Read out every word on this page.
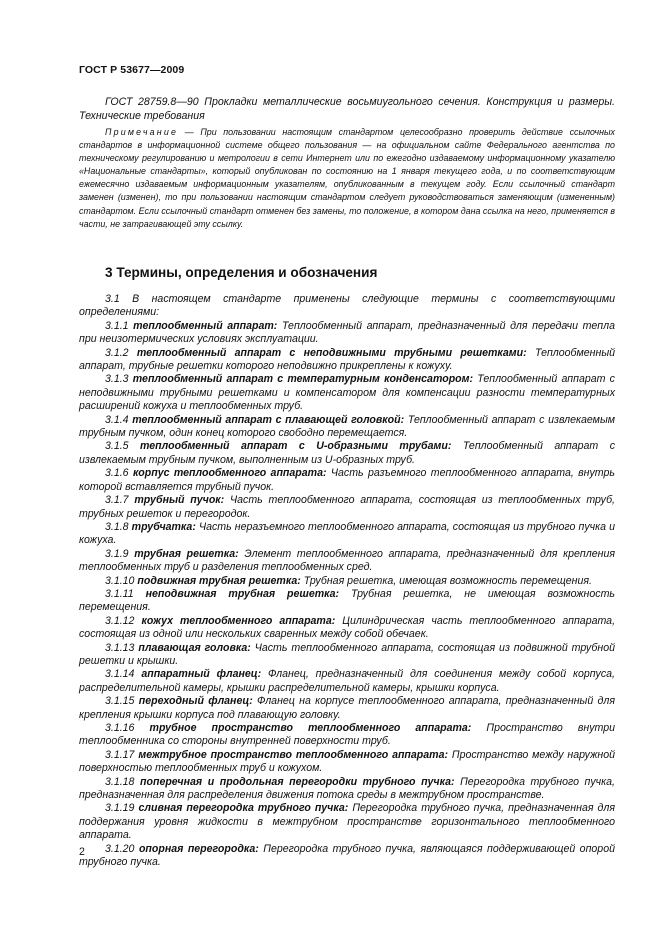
ГОСТ Р 53677—2009

ГОСТ 28759.8—90 Прокладки металлические восьмиугольного сечения. Конструкция и размеры. Технические требования

Примечание — При пользовании настоящим стандартом целесообразно проверить действие ссылочных стандартов в информационной системе общего пользования — на официальном сайте Федерального агентства по техническому регулированию и метрологии в сети Интернет или по ежегодно издаваемому информационному указателю «Национальные стандарты», который опубликован по состоянию на 1 января текущего года, и по соответствующим ежемесячно издаваемым информационным указателям, опубликованным в текущем году. Если ссылочный стандарт заменен (изменен), то при пользовании настоящим стандартом следует руководствоваться заменяющим (измененным) стандартом. Если ссылочный стандарт отменен без замены, то положение, в котором дана ссылка на него, применяется в части, не затрагивающей эту ссылку.

3 Термины, определения и обозначения

3.1 В настоящем стандарте применены следующие термины с соответствующими определениями:

3.1.1 теплообменный аппарат: Теплообменный аппарат, предназначенный для передачи тепла при неизотермических условиях эксплуатации.

3.1.2 теплообменный аппарат с неподвижными трубными решетками: Теплообменный аппарат, трубные решетки которого неподвижно прикреплены к кожуху.

3.1.3 теплообменный аппарат с температурным конденсатором: Теплообменный аппарат с неподвижными трубными решетками и компенсатором для компенсации разности температурных расширений кожуха и теплообменных труб.

3.1.4 теплообменный аппарат с плавающей головкой: Теплообменный аппарат с извлекаемым трубным пучком, один конец которого свободно перемещается.

3.1.5 теплообменный аппарат с U-образными трубами: Теплообменный аппарат с извлекаемым трубным пучком, выполненным из U-образных труб.

3.1.6 корпус теплообменного аппарата: Часть разъемного теплообменного аппарата, внутрь которой вставляется трубный пучок.

3.1.7 трубный пучок: Часть теплообменного аппарата, состоящая из теплообменных труб, трубных решеток и перегородок.

3.1.8 трубчатка: Часть неразъемного теплообменного аппарата, состоящая из трубного пучка и кожуха.

3.1.9 трубная решетка: Элемент теплообменного аппарата, предназначенный для крепления теплообменных труб и разделения теплообменных сред.

3.1.10 подвижная трубная решетка: Трубная решетка, имеющая возможность перемещения.

3.1.11 неподвижная трубная решетка: Трубная решетка, не имеющая возможность перемещения.

3.1.12 кожух теплообменного аппарата: Цилиндрическая часть теплообменного аппарата, состоящая из одной или нескольких сваренных между собой обечаек.

3.1.13 плавающая головка: Часть теплообменного аппарата, состоящая из подвижной трубной решетки и крышки.

3.1.14 аппаратный фланец: Фланец, предназначенный для соединения между собой корпуса, распределительной камеры, крышки распределительной камеры, крышки корпуса.

3.1.15 переходный фланец: Фланец на корпусе теплообменного аппарата, предназначенный для крепления крышки корпуса под плавающую головку.

3.1.16 трубное пространство теплообменного аппарата: Пространство внутри теплообменника со стороны внутренней поверхности труб.

3.1.17 межтрубное пространство теплообменного аппарата: Пространство между наружной поверхностью теплообменных труб и кожухом.

3.1.18 поперечная и продольная перегородки трубного пучка: Перегородка трубного пучка, предназначенная для распределения движения потока среды в межтрубном пространстве.

3.1.19 сливная перегородка трубного пучка: Перегородка трубного пучка, предназначенная для поддержания уровня жидкости в межтрубном пространстве горизонтального теплообменного аппарата.

3.1.20 опорная перегородка: Перегородка трубного пучка, являющаяся поддерживающей опорой трубного пучка.

2
